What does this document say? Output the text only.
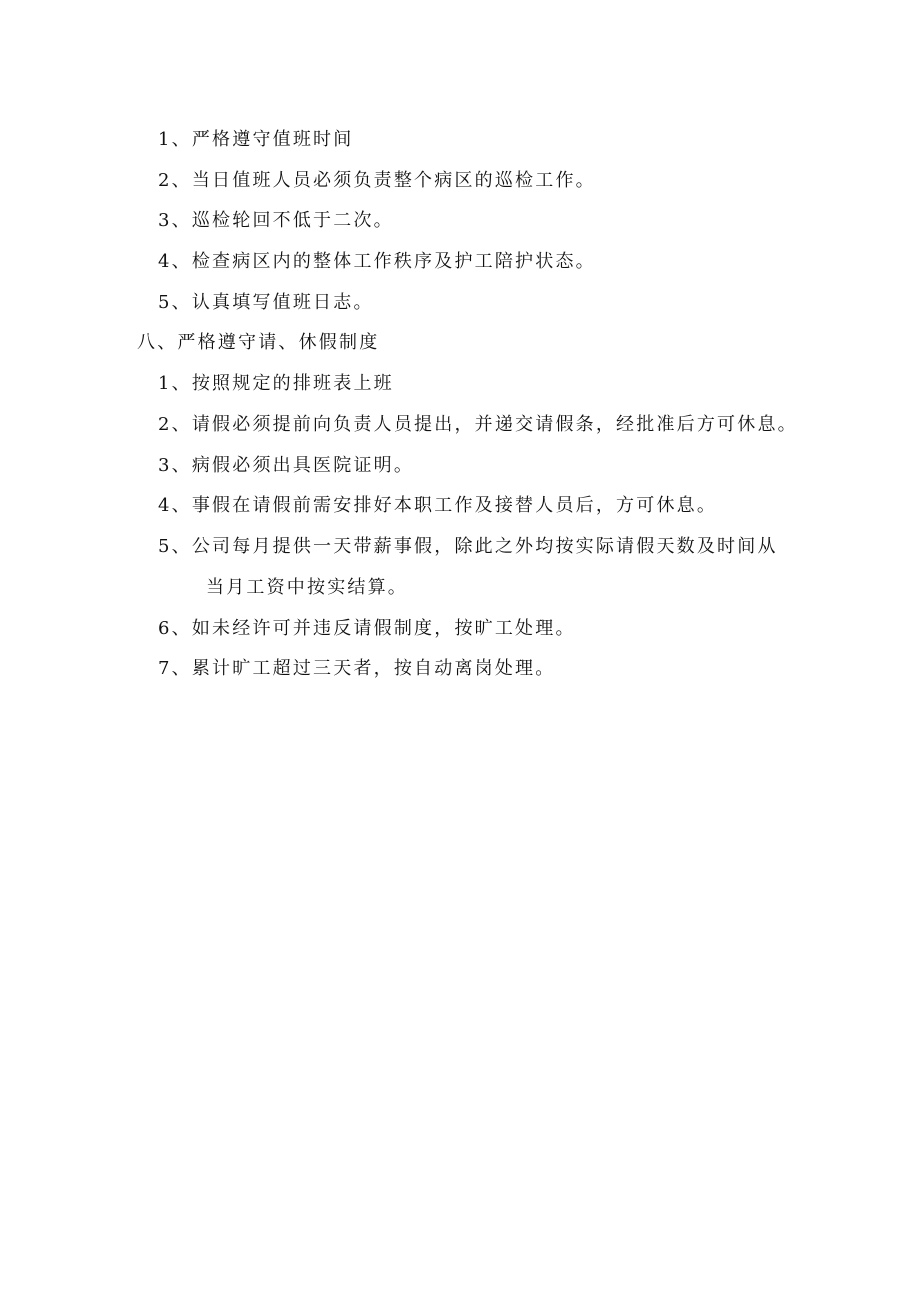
1、严格遵守值班时间
2、当日值班人员必须负责整个病区的巡检工作。
3、巡检轮回不低于二次。
4、检查病区内的整体工作秩序及护工陪护状态。
5、认真填写值班日志。
八、严格遵守请、休假制度
1、按照规定的排班表上班
2、请假必须提前向负责人员提出，并递交请假条，经批准后方可休息。
3、病假必须出具医院证明。
4、事假在请假前需安排好本职工作及接替人员后，方可休息。
5、公司每月提供一天带薪事假，除此之外均按实际请假天数及时间从
当月工资中按实结算。
6、如未经许可并违反请假制度，按旷工处理。
7、累计旷工超过三天者，按自动离岗处理。
